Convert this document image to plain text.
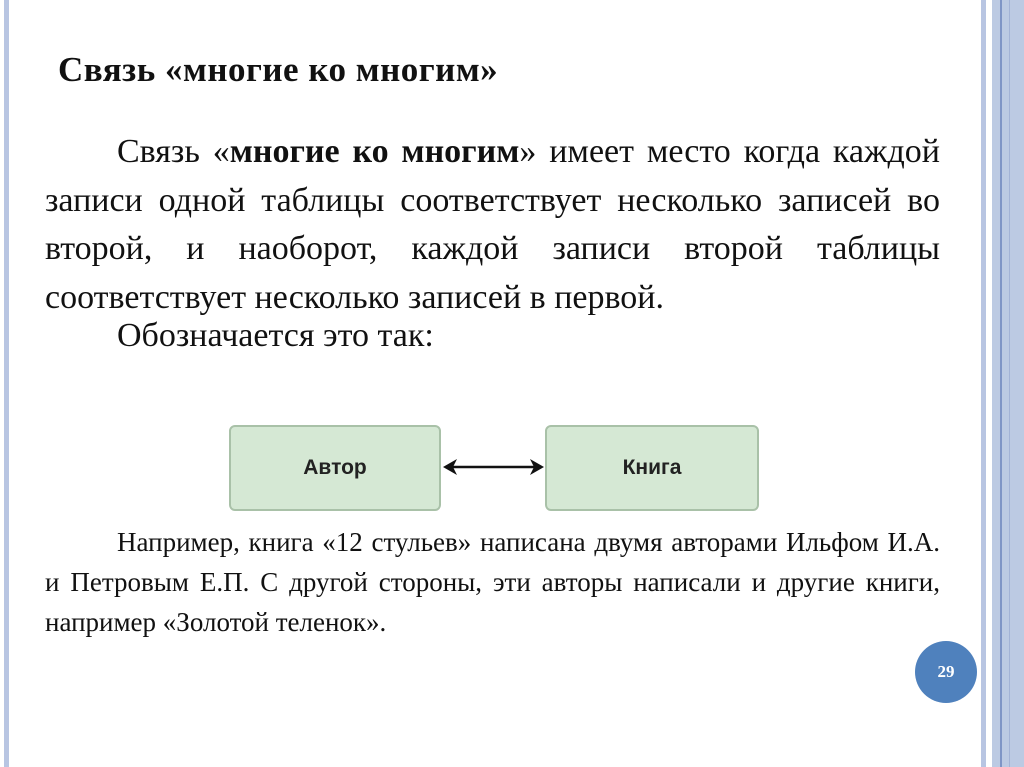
Связь «многие ко многим»

Связь «многие ко многим» имеет место когда каждой записи одной таблицы соответствует несколько записей во второй, и наоборот, каждой записи второй таблицы соответствует несколько записей в первой.

Обозначается это так:

Автор	Книга
Например, книга «12 стульев» написана двумя авторами Ильфом И.А. и Петровым Е.П. С другой стороны, эти авторы написали и другие книги, например «Золотой теленок».
29
